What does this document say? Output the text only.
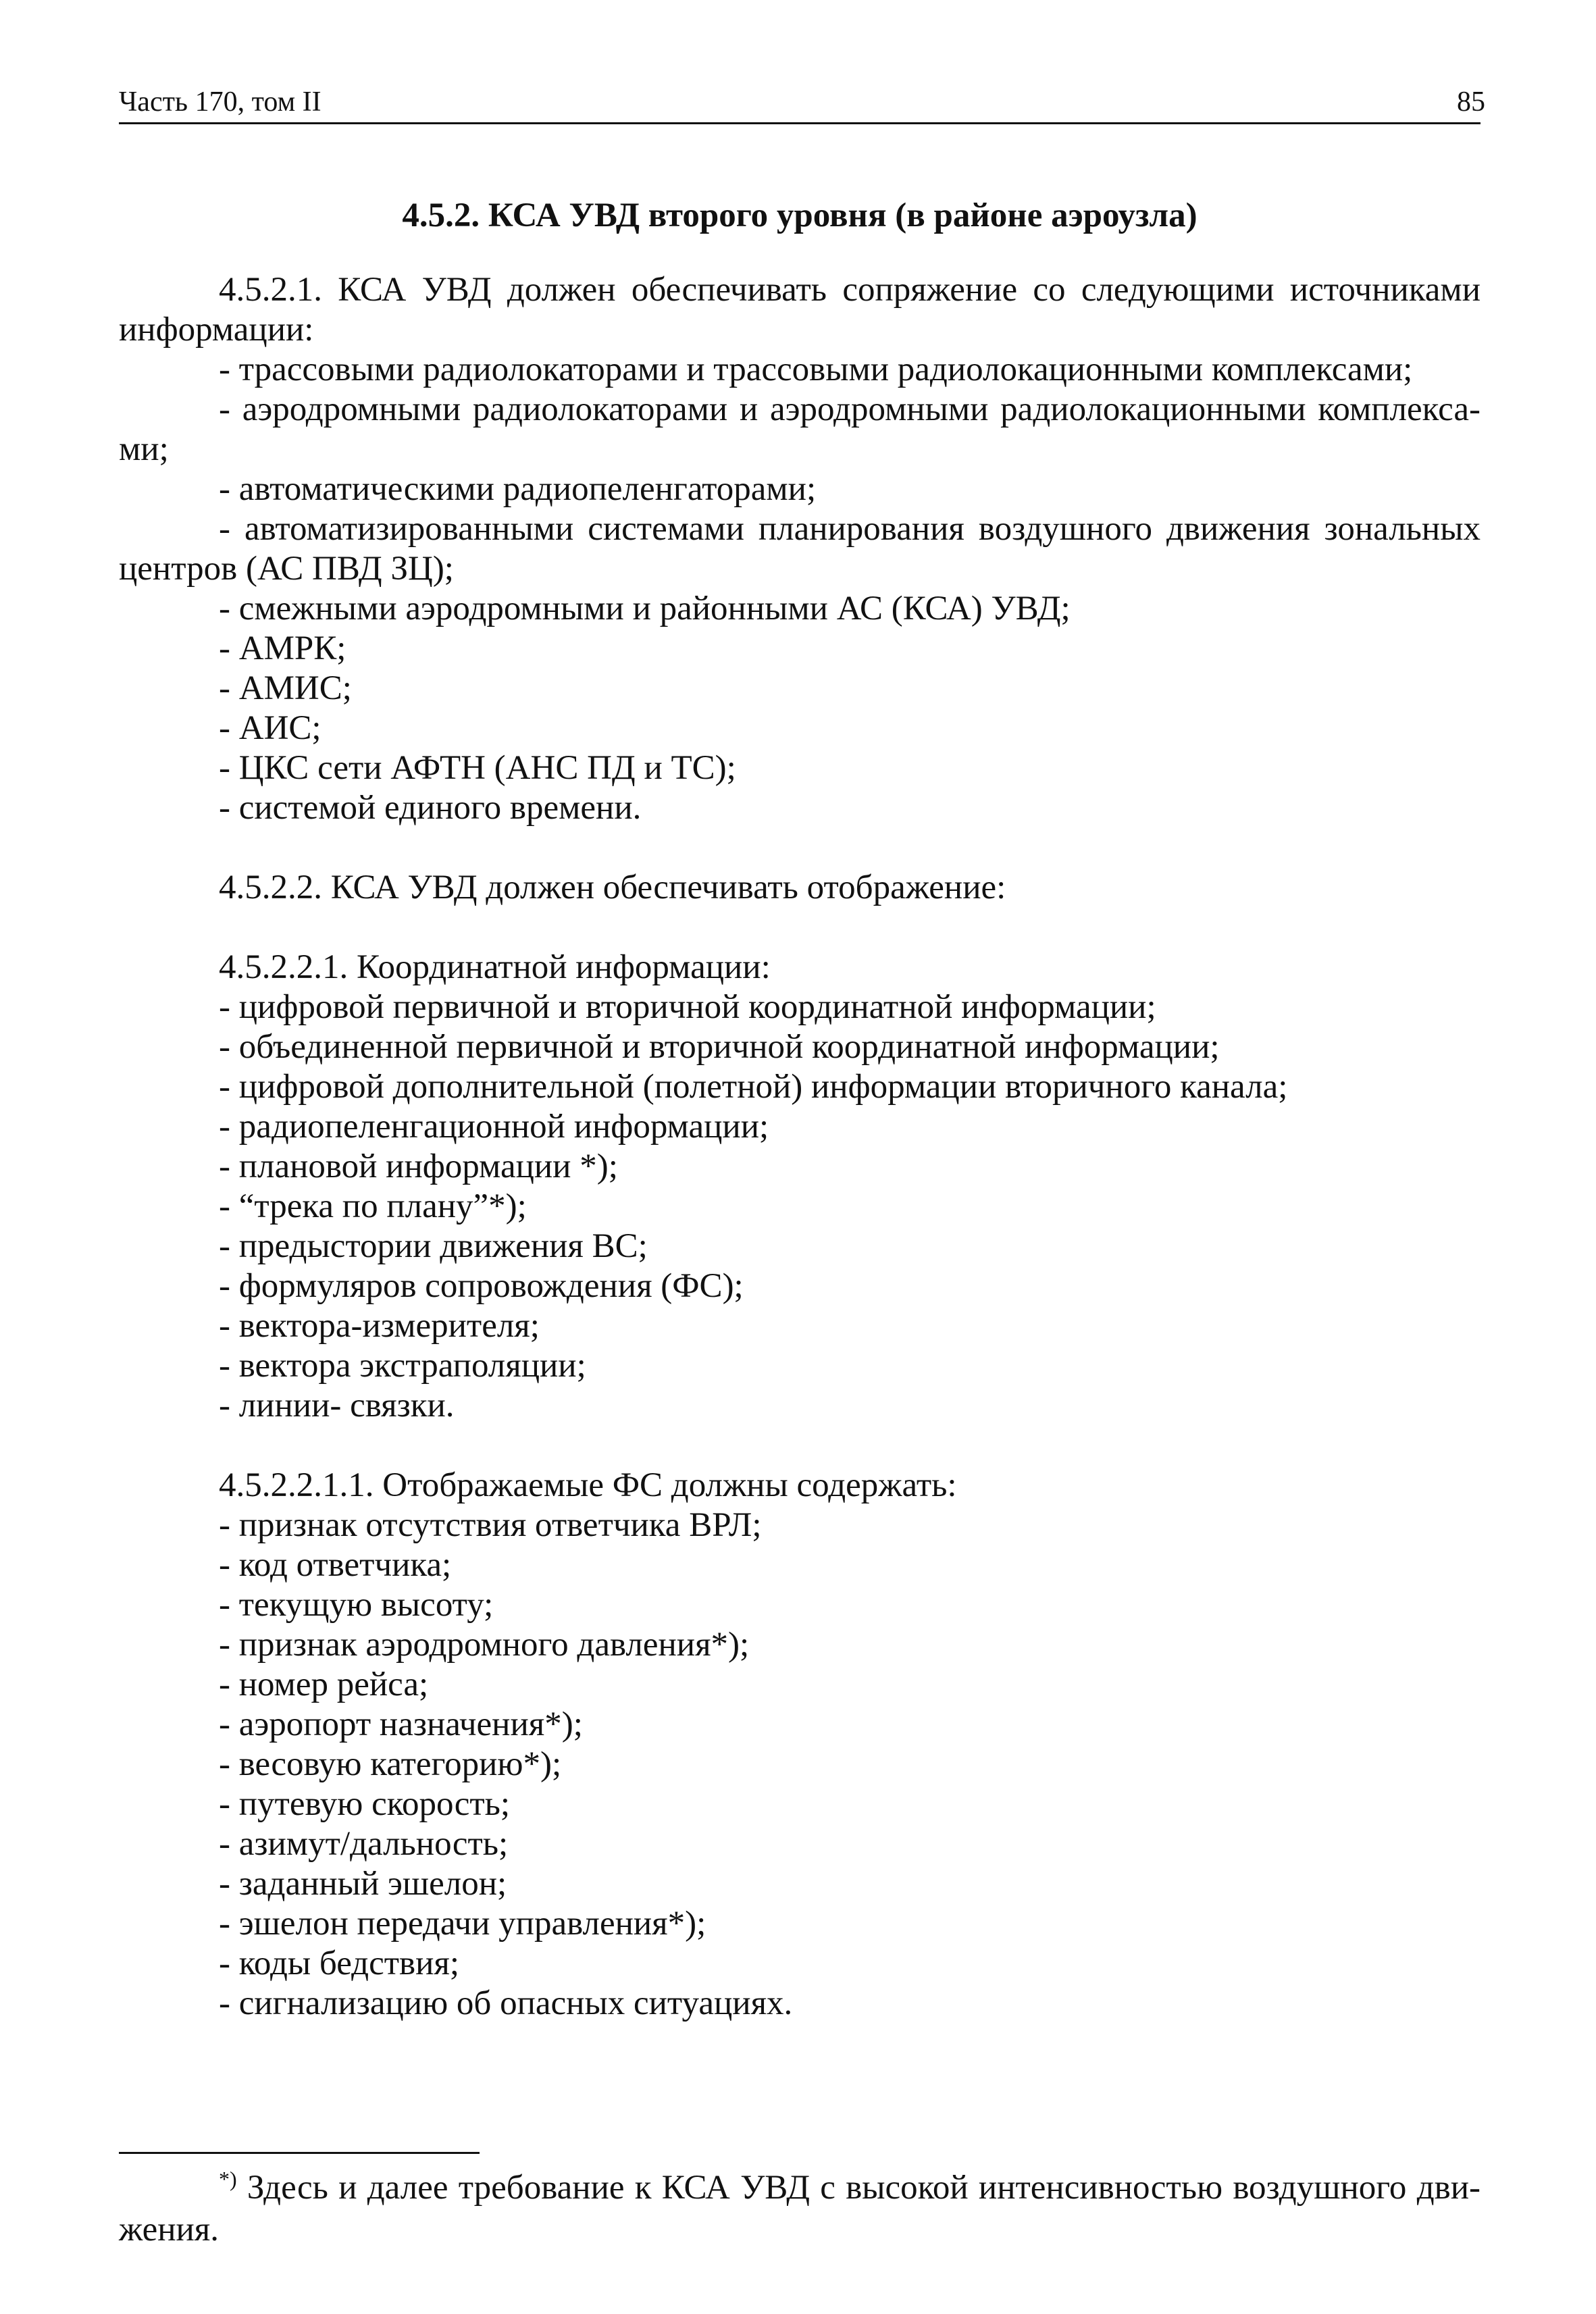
Часть 170, том II	85
4.5.2. КСА УВД второго уровня (в районе аэроузла)
4.5.2.1. КСА УВД должен обеспечивать сопряжение со следующими источниками информации:
- трассовыми радиолокаторами и трассовыми радиолокационными комплексами;
- аэродромными радиолокаторами и аэродромными радиолокационными комплекса-ми;
- автоматическими радиопеленгаторами;
- автоматизированными системами планирования воздушного движения зональных центров (АС ПВД ЗЦ);
- смежными аэродромными и районными АС (КСА) УВД;
- АМРК;
- АМИС;
- АИС;
- ЦКС сети АФТН (АНС ПД и ТС);
- системой единого времени.
4.5.2.2. КСА УВД должен обеспечивать отображение:
4.5.2.2.1. Координатной информации:
- цифровой первичной и вторичной координатной информации;
- объединенной первичной и вторичной координатной информации;
- цифровой дополнительной (полетной) информации вторичного канала;
- радиопеленгационной информации;
- плановой информации *);
- “трека по плану”*);
- предыстории движения ВС;
- формуляров сопровождения (ФС);
- вектора-измерителя;
- вектора экстраполяции;
- линии- связки.
4.5.2.2.1.1. Отображаемые ФС должны содержать:
- признак отсутствия ответчика ВРЛ;
- код ответчика;
- текущую высоту;
- признак аэродромного давления*);
- номер рейса;
- аэропорт назначения*);
- весовую категорию*);
- путевую скорость;
- азимут/дальность;
- заданный эшелон;
- эшелон передачи управления*);
- коды бедствия;
- сигнализацию об опасных ситуациях.
*) Здесь и далее требование к КСА УВД с высокой интенсивностью воздушного дви-жения.
